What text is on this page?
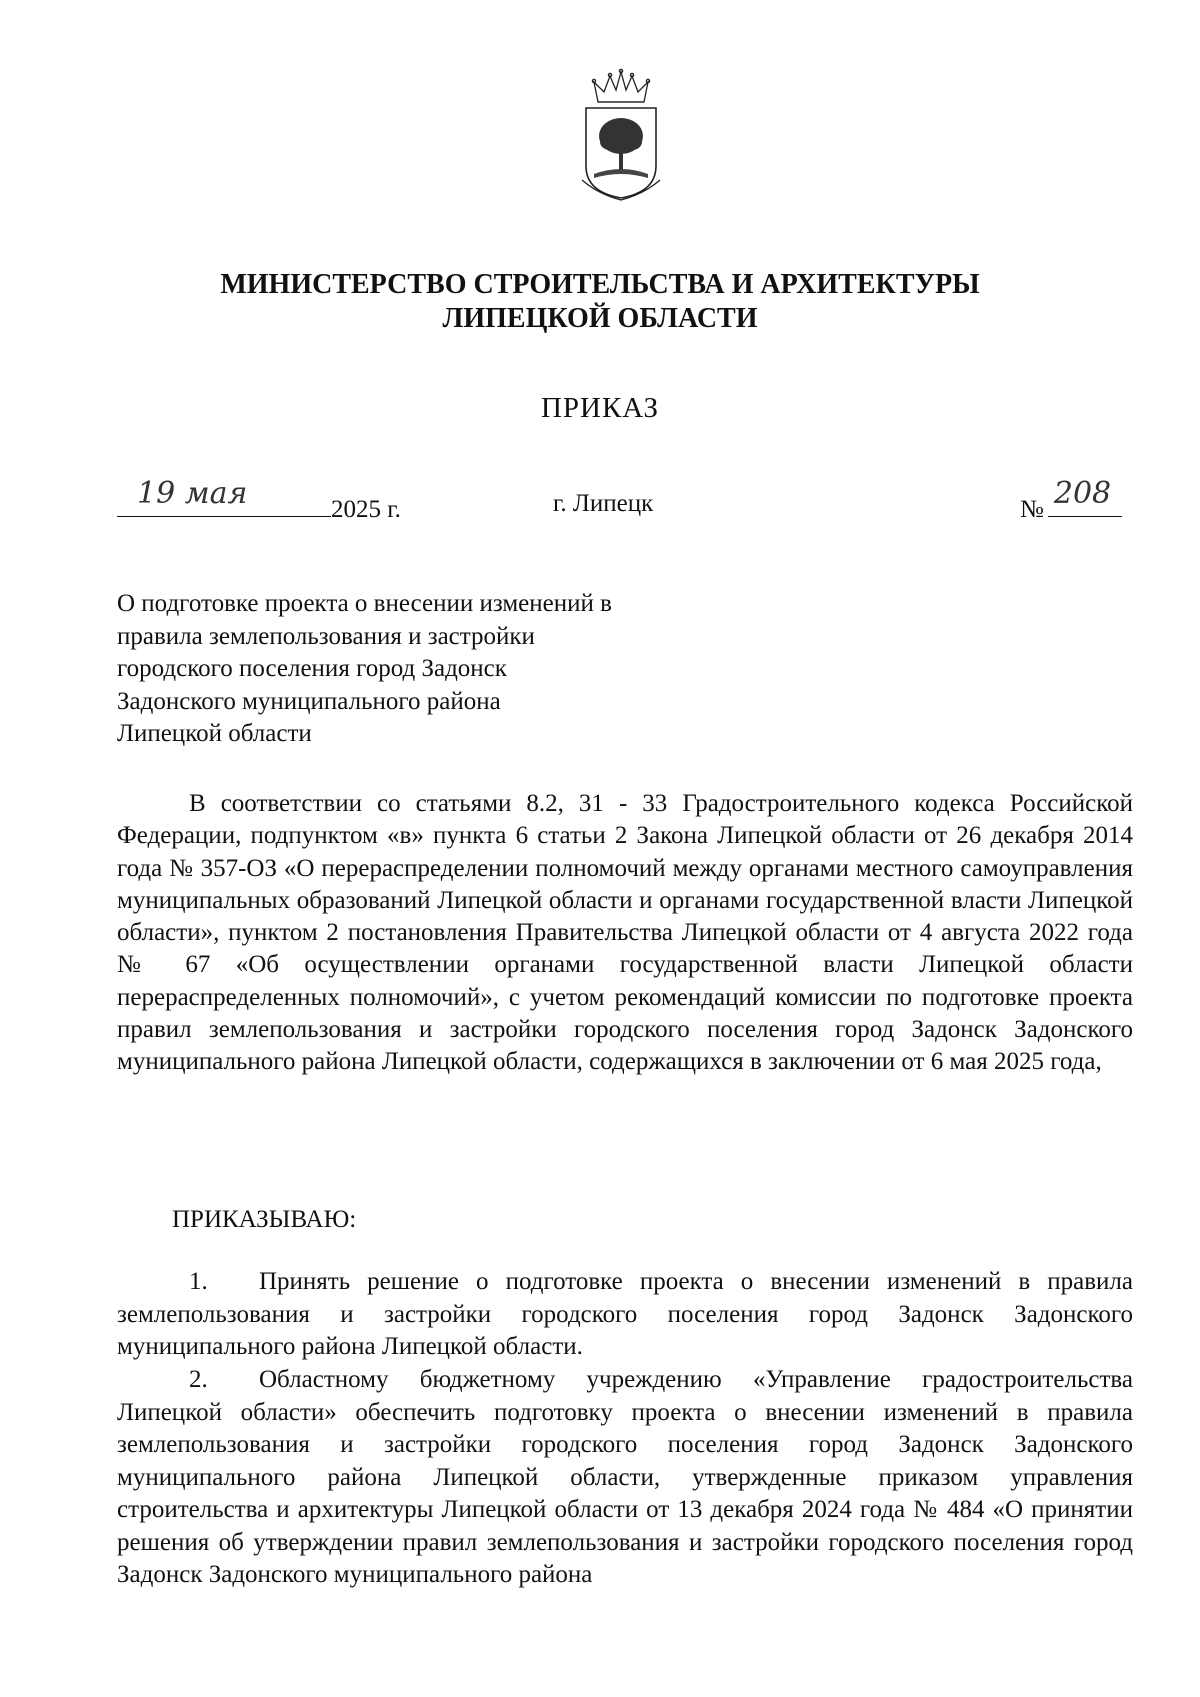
МИНИСТЕРСТВО СТРОИТЕЛЬСТВА И АРХИТЕКТУРЫ
ЛИПЕЦКОЙ ОБЛАСТИ
ПРИКАЗ
19 мая	2025 г.	г. Липецк	№ 208
О подготовке проекта о внесении изменений в
правила землепользования и застройки
городского поселения город Задонск
Задонского муниципального района
Липецкой области
В соответствии со статьями 8.2, 31 - 33 Градостроительного кодекса Российской Федерации, подпунктом «в» пункта 6 статьи 2 Закона Липецкой области от 26 декабря 2014 года № 357-ОЗ «О перераспределении полномочий между органами местного самоуправления муниципальных образований Липецкой области и органами государственной власти Липецкой области», пунктом 2 постановления Правительства Липецкой области от 4 августа 2022 года № 67 «Об осуществлении органами государственной власти Липецкой области перераспределенных полномочий», с учетом рекомендаций комиссии по подготовке проекта правил землепользования и застройки городского поселения город Задонск Задонского муниципального района Липецкой области, содержащихся в заключении от 6 мая 2025 года,
ПРИКАЗЫВАЮ:
1. Принять решение о подготовке проекта о внесении изменений в правила землепользования и застройки городского поселения город Задонск Задонского муниципального района Липецкой области.
2. Областному бюджетному учреждению «Управление градостроительства Липецкой области» обеспечить подготовку проекта о внесении изменений в правила землепользования и застройки городского поселения город Задонск Задонского муниципального района Липецкой области, утвержденные приказом управления строительства и архитектуры Липецкой области от 13 декабря 2024 года № 484 «О принятии решения об утверждении правил землепользования и застройки городского поселения город Задонск Задонского муниципального района
